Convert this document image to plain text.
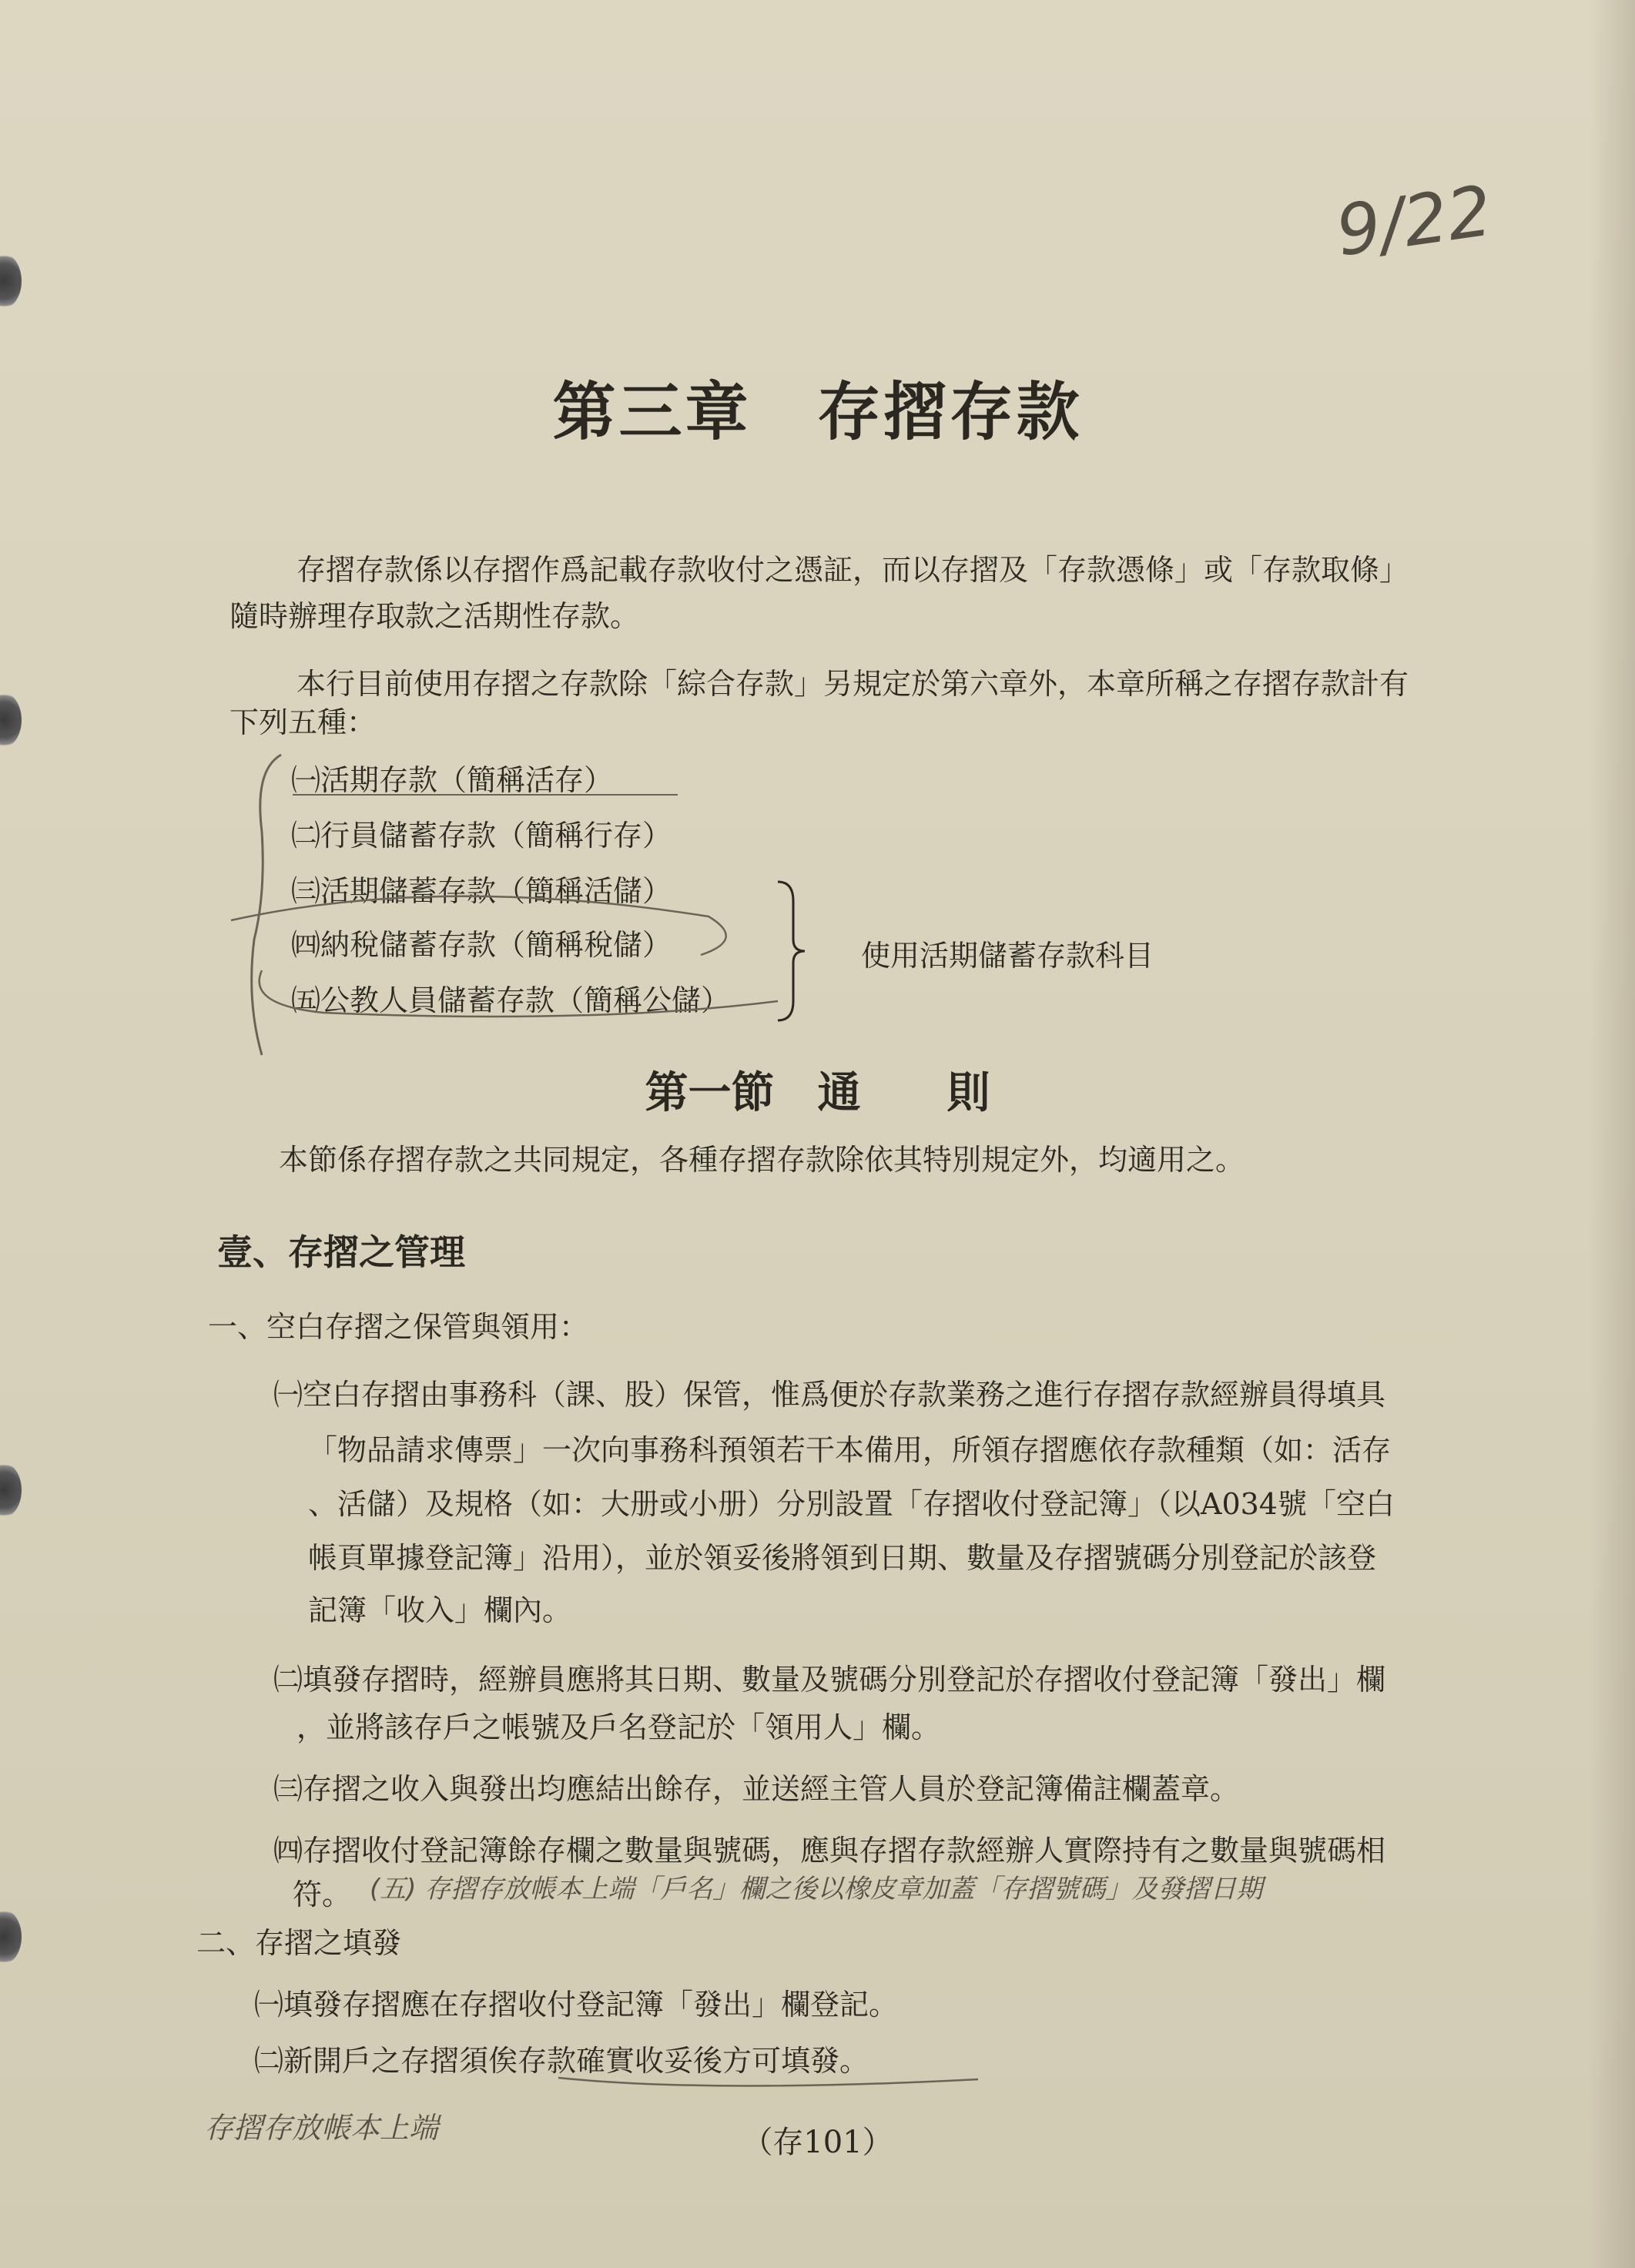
9/22
第三章　存摺存款
存摺存款係以存摺作爲記載存款收付之憑証，而以存摺及「存款憑條」或「存款取條」
隨時辦理存取款之活期性存款。
本行目前使用存摺之存款除「綜合存款」另規定於第六章外，本章所稱之存摺存款計有
下列五種：
㈠活期存款（簡稱活存）
㈡行員儲蓄存款（簡稱行存）
㈢活期儲蓄存款（簡稱活儲）
㈣納稅儲蓄存款（簡稱稅儲）
㈤公教人員儲蓄存款（簡稱公儲）
使用活期儲蓄存款科目
第一節　通　　則
本節係存摺存款之共同規定，各種存摺存款除依其特別規定外，均適用之。
壹、存摺之管理
一、空白存摺之保管與領用：
㈠空白存摺由事務科（課、股）保管，惟爲便於存款業務之進行存摺存款經辦員得填具
「物品請求傳票」一次向事務科預領若干本備用，所領存摺應依存款種類（如：活存
、活儲）及規格（如：大册或小册）分別設置「存摺收付登記簿」（以A034號「空白
帳頁單據登記簿」沿用），並於領妥後將領到日期、數量及存摺號碼分別登記於該登
記簿「收入」欄內。
㈡填發存摺時，經辦員應將其日期、數量及號碼分別登記於存摺收付登記簿「發出」欄
，並將該存戶之帳號及戶名登記於「領用人」欄。
㈢存摺之收入與發出均應結出餘存，並送經主管人員於登記簿備註欄蓋章。
㈣存摺收付登記簿餘存欄之數量與號碼，應與存摺存款經辦人實際持有之數量與號碼相
符。 (五) 存摺存放帳本上端「戶名」欄之後以橡皮章加蓋「存摺號碼」及發摺日期
二、存摺之填發
㈠填發存摺應在存摺收付登記簿「發出」欄登記。
㈡新開戶之存摺須俟存款確實收妥後方可填發。
存摺存放帳本上端	（存101）
